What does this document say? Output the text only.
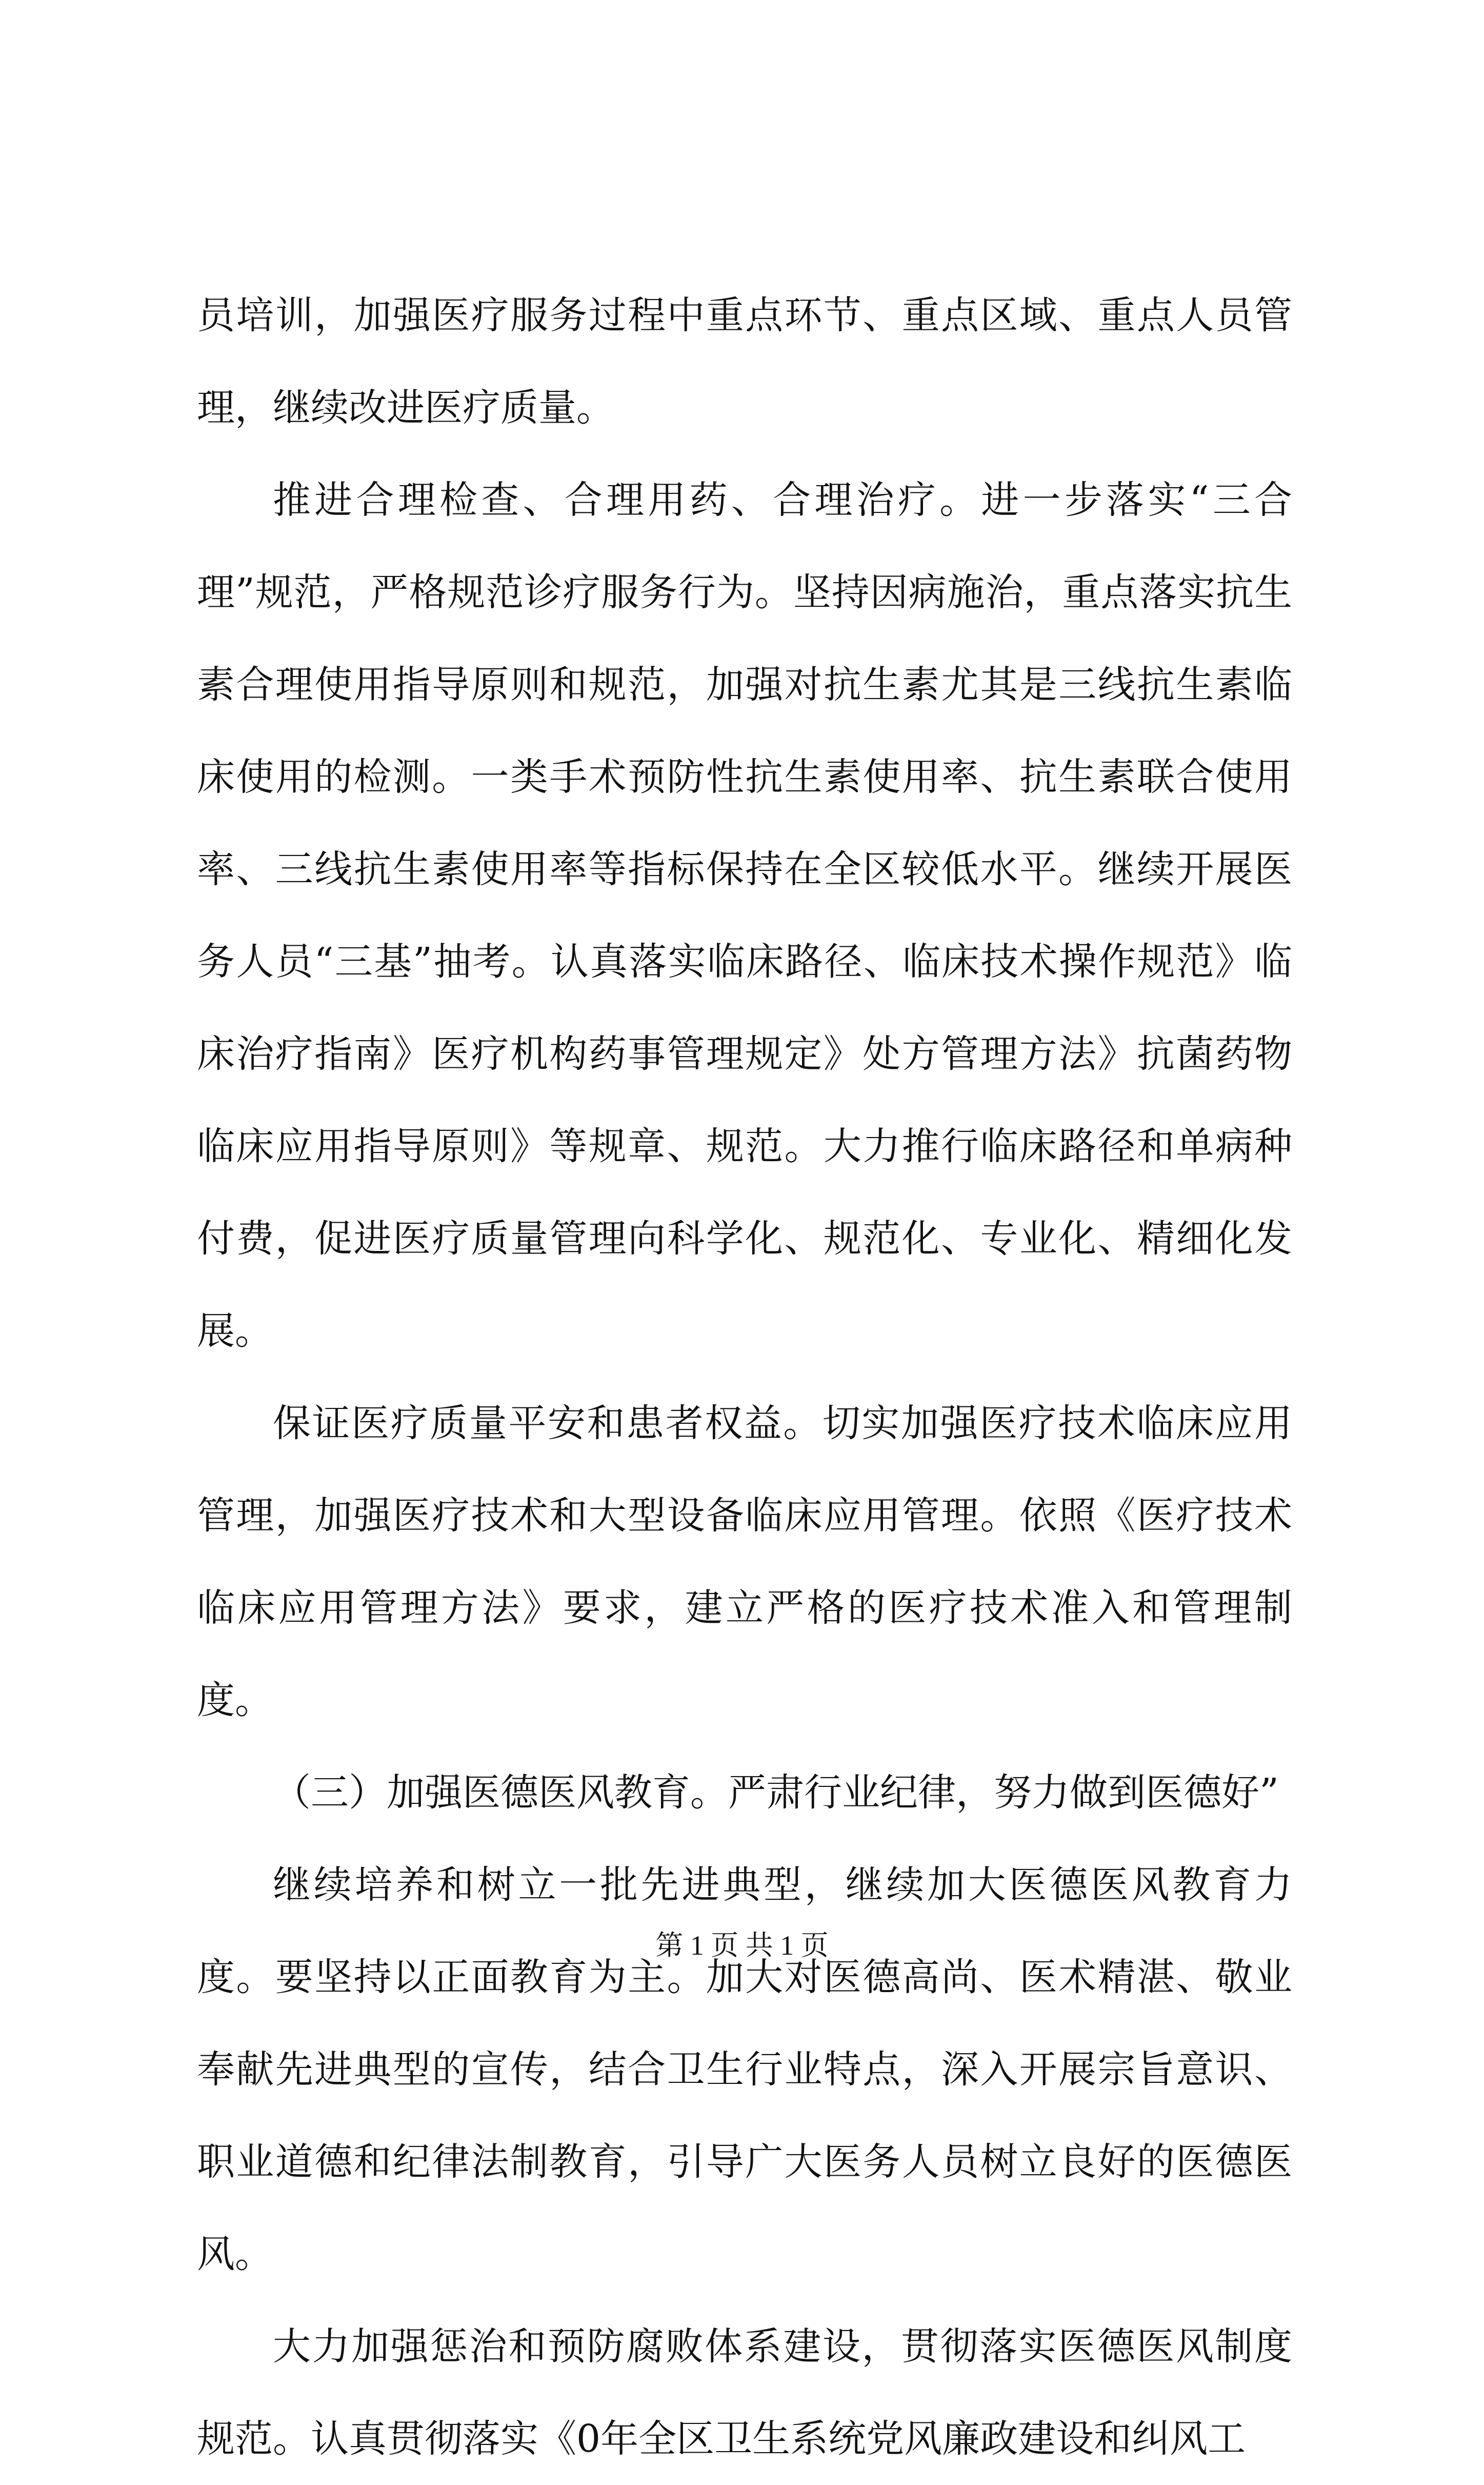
员培训，加强医疗服务过程中重点环节、重点区域、重点人员管理，继续改进医疗质量。

推进合理检查、合理用药、合理治疗。进一步落实“三合理”规范，严格规范诊疗服务行为。坚持因病施治，重点落实抗生素合理使用指导原则和规范，加强对抗生素尤其是三线抗生素临床使用的检测。一类手术预防性抗生素使用率、抗生素联合使用率、三线抗生素使用率等指标保持在全区较低水平。继续开展医务人员“三基”抽考。认真落实临床路径、临床技术操作规范》临床治疗指南》医疗机构药事管理规定》处方管理方法》抗菌药物临床应用指导原则》等规章、规范。大力推行临床路径和单病种付费，促进医疗质量管理向科学化、规范化、专业化、精细化发展。

保证医疗质量平安和患者权益。切实加强医疗技术临床应用管理，加强医疗技术和大型设备临床应用管理。依照《医疗技术临床应用管理方法》要求，建立严格的医疗技术准入和管理制度。

（三）加强医德医风教育。严肃行业纪律，努力做到医德好”

继续培养和树立一批先进典型，继续加大医德医风教育力度。要坚持以正面教育为主。加大对医德高尚、医术精湛、敬业奉献先进典型的宣传，结合卫生行业特点，深入开展宗旨意识、职业道德和纪律法制教育，引导广大医务人员树立良好的医德医风。

大力加强惩治和预防腐败体系建设，贯彻落实医德医风制度规范。认真贯彻落实《0年全区卫生系统党风廉政建设和纠风工

第 1 页 共 1 页
